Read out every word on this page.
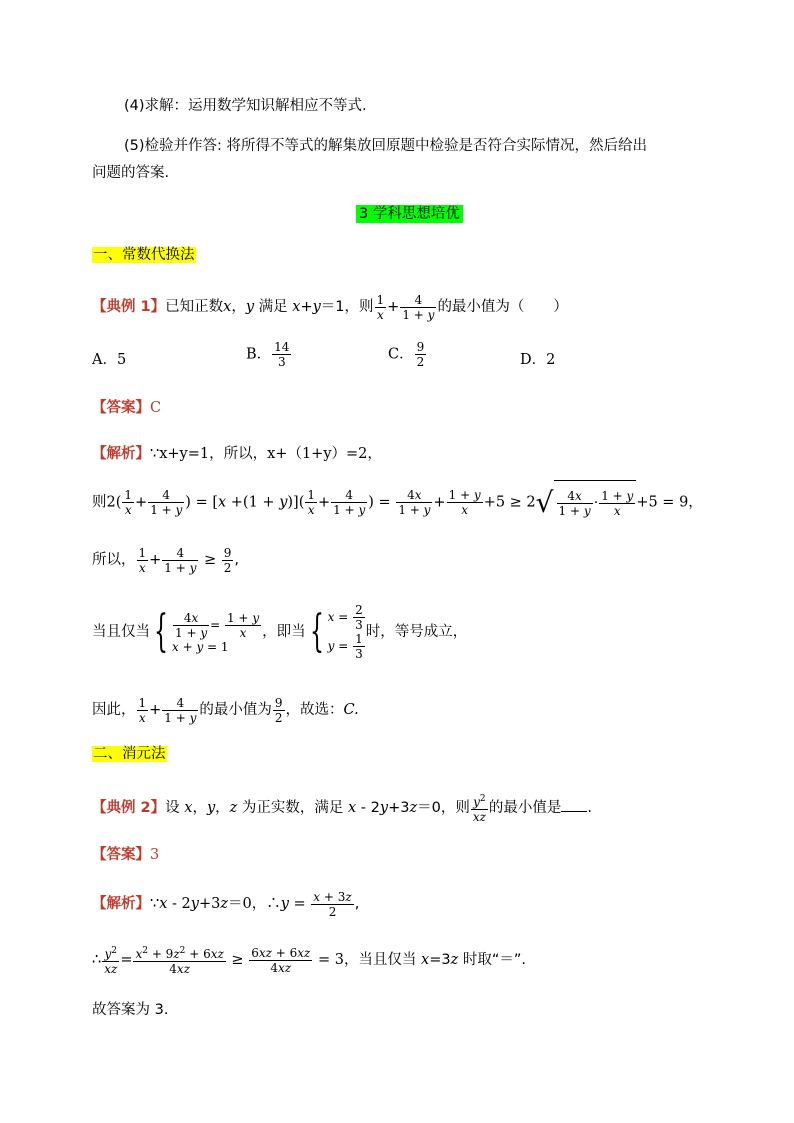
(4)求解：运用数学知识解相应不等式.
(5)检验并作答: 将所得不等式的解集放回原题中检验是否符合实际情况，然后给出
问题的答案.
3 学科思想培优
一、常数代换法
【典例 1】已知正数x，y 满足 x+y＝1，则 $\frac{1}{x} + \frac{4}{1 + y}$ 的最小值为（　　）
A．5	B． $\frac{14}{3}$	C． $\frac{9}{2}$	D．2
【答案】C
【解析】∵x+y=1，所以，x+（1+y）=2，
则$2( \frac{1}{x} + \frac{4}{1 + y}$ ) = $[x +(1 + y)]( \frac{1}{x} + \frac{4}{1 + y}$ ) = $\frac{4x}{1 + y} + \frac{1 + y}{x} +5 \ge 2√ \frac{4x}{1 + y} \cdot \frac{1 + y}{x} +5 = 9$，
所以， $\frac{1}{x} + \frac{4}{1 + y} \ge \frac{9}{2}$ ,
当且仅当{ $\frac{4x}{1 + y} = \frac{1 + y}{x}$
x + y = 1
，即当{ $x = \frac{2}{3}$
$y = \frac{1}{3}$ 时，等号成立，
因此， $\frac{1}{x} + \frac{4}{1 + y}$ 的最小值为 $\frac{9}{2}$ ，故选：C.
二、消元法
【典例 2】设 x，y，z 为正实数，满足 x - 2y+3z＝0，则 $\frac{y^2}{xz}$ 的最小值是 .
【答案】3
【解析】∵x - 2y+3z＝0，∴y = $\frac{x + 3z}{2}$ ,
∴ $\frac{y^2}{xz} = \frac{x^2 + 9z^2 + 6xz}{4xz} \ge \frac{6xz + 6xz}{4xz} = 3$，当且仅当 x=3z 时取“＝”.
故答案为 3.
